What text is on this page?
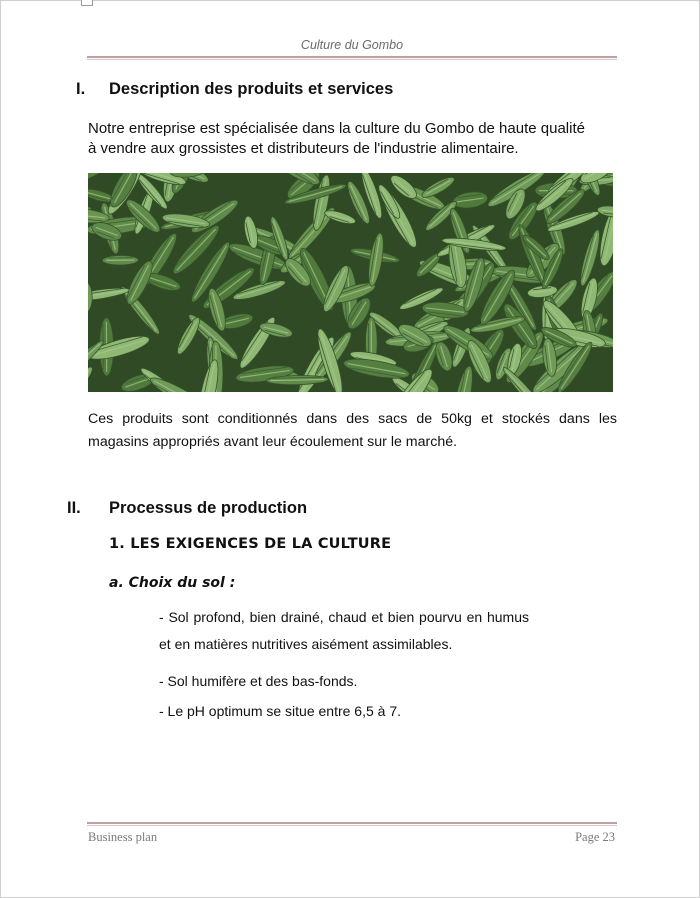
Culture du Gombo
I. Description des produits et services
Notre entreprise est spécialisée dans la culture du Gombo de haute qualité
à vendre aux grossistes et distributeurs de l'industrie alimentaire.
Ces produits sont conditionnés dans des sacs de 50kg et stockés dans les magasins appropriés avant leur écoulement sur le marché.
II. Processus de production
1. LES EXIGENCES DE LA CULTURE
a. Choix du sol :
- Sol profond, bien drainé, chaud et bien pourvu en humus et en matières nutritives aisément assimilables.
- Sol humifère et des bas-fonds.
- Le pH optimum se situe entre 6,5 à 7.
Business plan	Page 23
